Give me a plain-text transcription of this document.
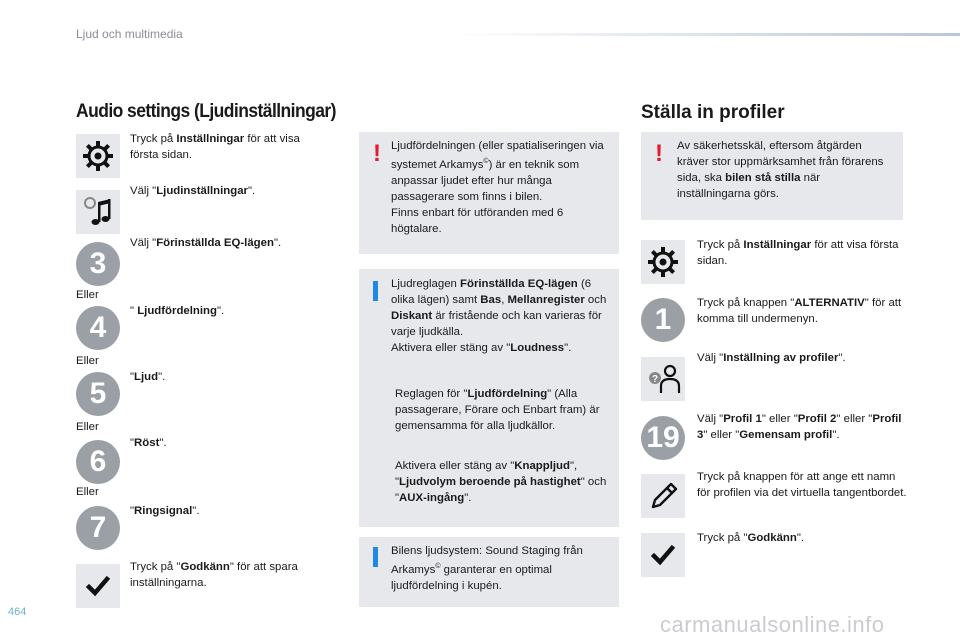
Ljud och multimedia
Audio settings (Ljudinställningar)	Ställa in profiler
Tryck på Inställningar för att visa första sidan.
Välj "Ljudinställningar".
3
Välj "Förinställda EQ-lägen".
Eller
4	" Ljudfördelning".
Eller
5	"Ljud".
Eller
6
"Röst".
Eller
7	"Ringsignal".
Tryck på "Godkänn" för att spara inställningarna.
! Ljudfördelningen (eller spatialiseringen via systemet Arkamys©) är en teknik som anpassar ljudet efter hur många passagerare som finns i bilen.
Finns enbart för utföranden med 6 högtalare.
Ljudreglagen Förinställda EQ-lägen (6 olika lägen) samt Bas, Mellanregister och Diskant är fristående och kan varieras för varje ljudkälla.
Aktivera eller stäng av "Loudness".
Reglagen för "Ljudfördelning" (Alla passagerare, Förare och Enbart fram) är gemensamma för alla ljudkällor.
Aktivera eller stäng av "Knappljud", "Ljudvolym beroende på hastighet" och "AUX-ingång".
Bilens ljudsystem: Sound Staging från Arkamys© garanterar en optimal ljudfördelning i kupén.
! Av säkerhetsskäl, eftersom åtgärden kräver stor uppmärksamhet från förarens sida, ska bilen stå stilla när inställningarna görs.
Tryck på Inställningar för att visa första sidan.
1	Tryck på knappen "ALTERNATIV" för att komma till undermenyn.
?
Välj "Inställning av profiler".
19
Välj "Profil 1" eller "Profil 2" eller "Profil 3" eller "Gemensam profil".
Tryck på knappen för att ange ett namn för profilen via det virtuella tangentbordet.
Tryck på "Godkänn".
464	carmanualsonline.info
